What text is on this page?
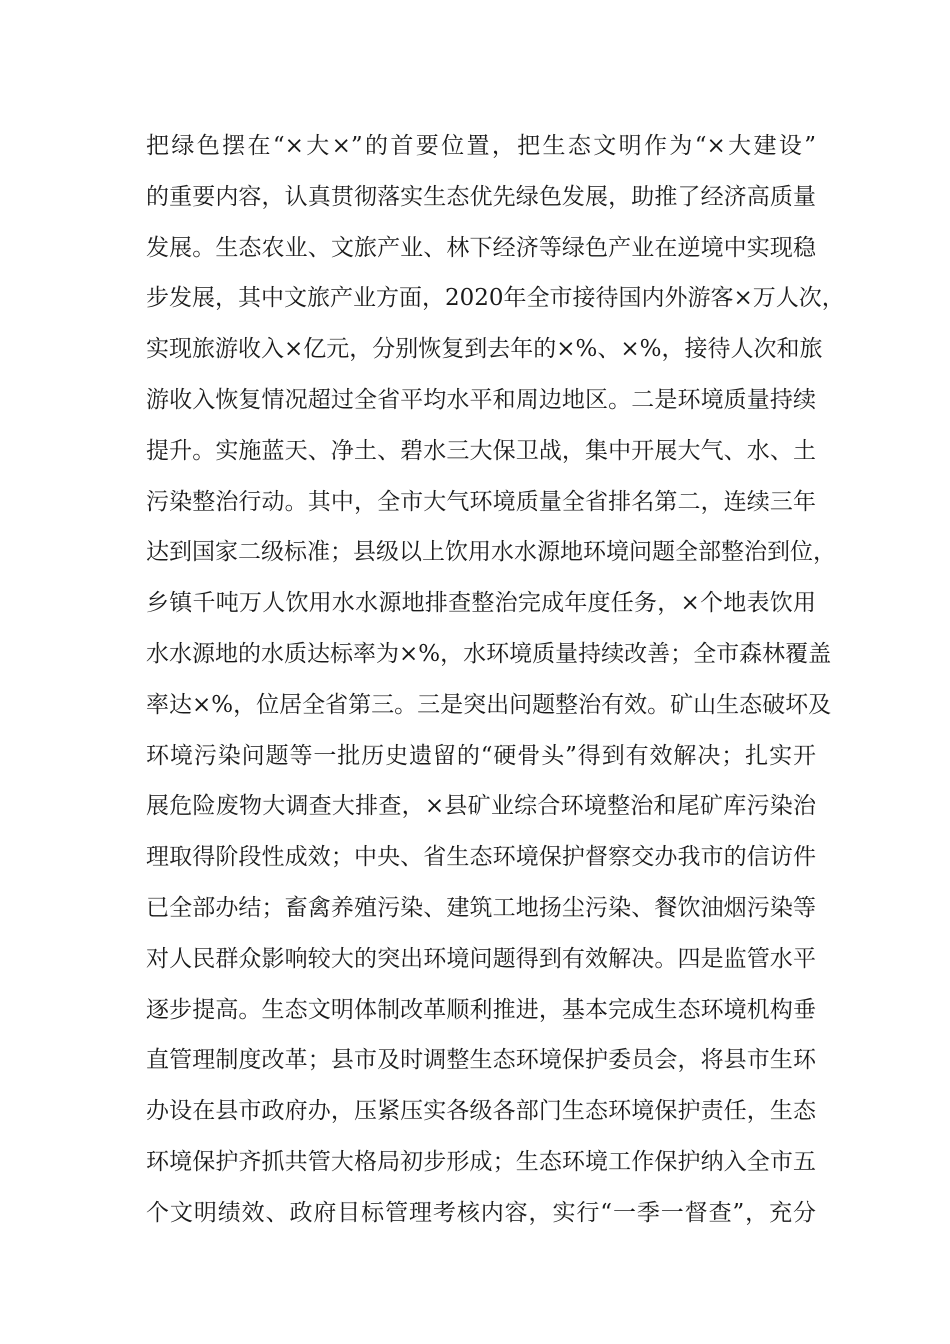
把绿色摆在“×大×”的首要位置，把生态文明作为“×大建设”
的重要内容，认真贯彻落实生态优先绿色发展，助推了经济高质量
发展。生态农业、文旅产业、林下经济等绿色产业在逆境中实现稳
步发展，其中文旅产业方面，2020年全市接待国内外游客×万人次，
实现旅游收入×亿元，分别恢复到去年的×%、×%，接待人次和旅
游收入恢复情况超过全省平均水平和周边地区。二是环境质量持续
提升。实施蓝天、净土、碧水三大保卫战，集中开展大气、水、土
污染整治行动。其中，全市大气环境质量全省排名第二，连续三年
达到国家二级标准；县级以上饮用水水源地环境问题全部整治到位，
乡镇千吨万人饮用水水源地排查整治完成年度任务，×个地表饮用
水水源地的水质达标率为×%，水环境质量持续改善；全市森林覆盖
率达×%，位居全省第三。三是突出问题整治有效。矿山生态破坏及
环境污染问题等一批历史遗留的“硬骨头”得到有效解决；扎实开
展危险废物大调查大排查，×县矿业综合环境整治和尾矿库污染治
理取得阶段性成效；中央、省生态环境保护督察交办我市的信访件
已全部办结；畜禽养殖污染、建筑工地扬尘污染、餐饮油烟污染等
对人民群众影响较大的突出环境问题得到有效解决。四是监管水平
逐步提高。生态文明体制改革顺利推进，基本完成生态环境机构垂
直管理制度改革；县市及时调整生态环境保护委员会，将县市生环
办设在县市政府办，压紧压实各级各部门生态环境保护责任，生态
环境保护齐抓共管大格局初步形成；生态环境工作保护纳入全市五
个文明绩效、政府目标管理考核内容，实行“一季一督查”，充分
